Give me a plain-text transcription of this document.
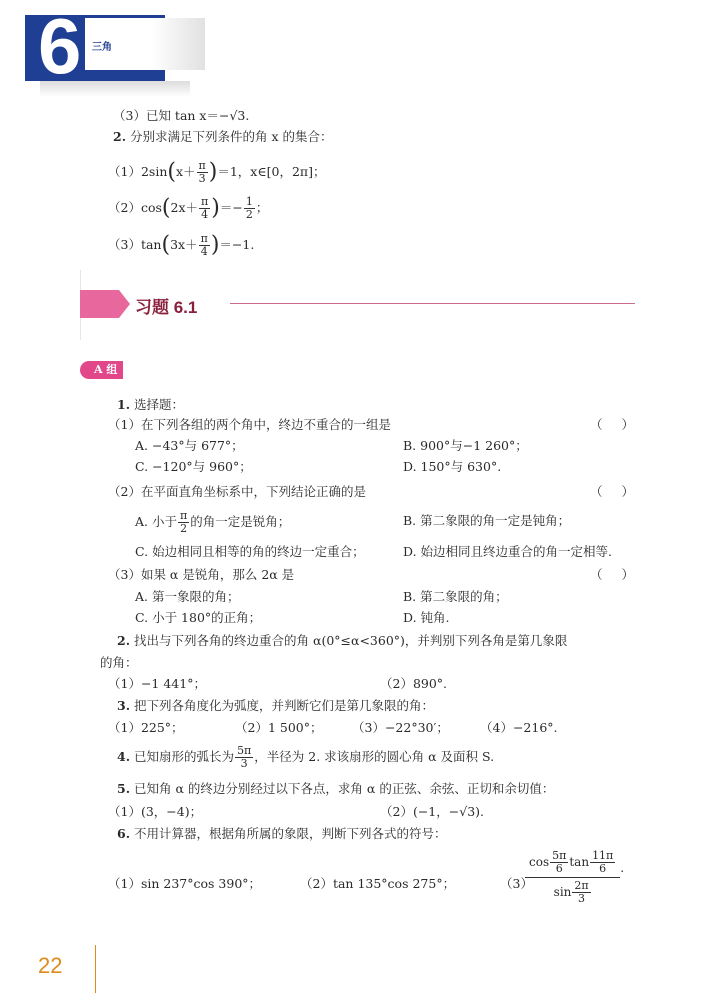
6 三角
（3）已知 tan x＝−√3.
2. 分别求满足下列条件的角 x 的集合：
$(1)2\sin(x+ \frac{\pi}{3} )=1$，x∈[0，2π]；
$(2)\cos(2x+ \frac{\pi}{4}$ )＝− $\frac{1}{2}$ ；
$(3)\tan(3x+ \frac{\pi}{4} )=-1$.
习题 6.1
A 组
1. 选择题：
（1）在下列各组的两个角中，终边不重合的一组是	（ ）
A. −43°与 677°；	B. 900°与−1 260°；
C. −120°与 960°；	D. 150°与 630°.
（2）在平面直角坐标系中，下列结论正确的是	（ ）
A. 小于 $\frac{\pi}{2}$ 的角一定是锐角；	B. 第二象限的角一定是钝角；
C. 始边相同且相等的角的终边一定重合；	D. 始边相同且终边重合的角一定相等.
（3）如果 α 是锐角，那么 2α 是	（ ）
A. 第一象限的角；	B. 第二象限的角；
C. 小于 180°的正角；	D. 钝角.
2. 找出与下列各角的终边重合的角 α(0°≤α<360°)，并判别下列各角是第几象限
的角：
（1）−1 441°；	（2）890°.
3. 把下列各角度化为弧度，并判断它们是第几象限的角：
（1）225°；	（2）1 500°； （3）−22°30′； （4）−216°.
4. 已知扇形的弧长为 $\frac{5\pi}{3}$ ，半径为 2. 求该扇形的圆心角 α 及面积 S.
5. 已知角 α 的终边分别经过以下各点，求角 α 的正弦、余弦、正切和余切值：
（1）(3，−4)；	（2）(−1，−√3).
6. 不用计算器，根据角所属的象限，判断下列各式的符号：
（1）sin 237°cos 390°；	（2）tan 135°cos 275°；	（3）
$\cos \frac{5\pi}{6}$ $\tan \frac{11\pi}{6}$
$\sin \frac{2\pi}{3}$
.
22
